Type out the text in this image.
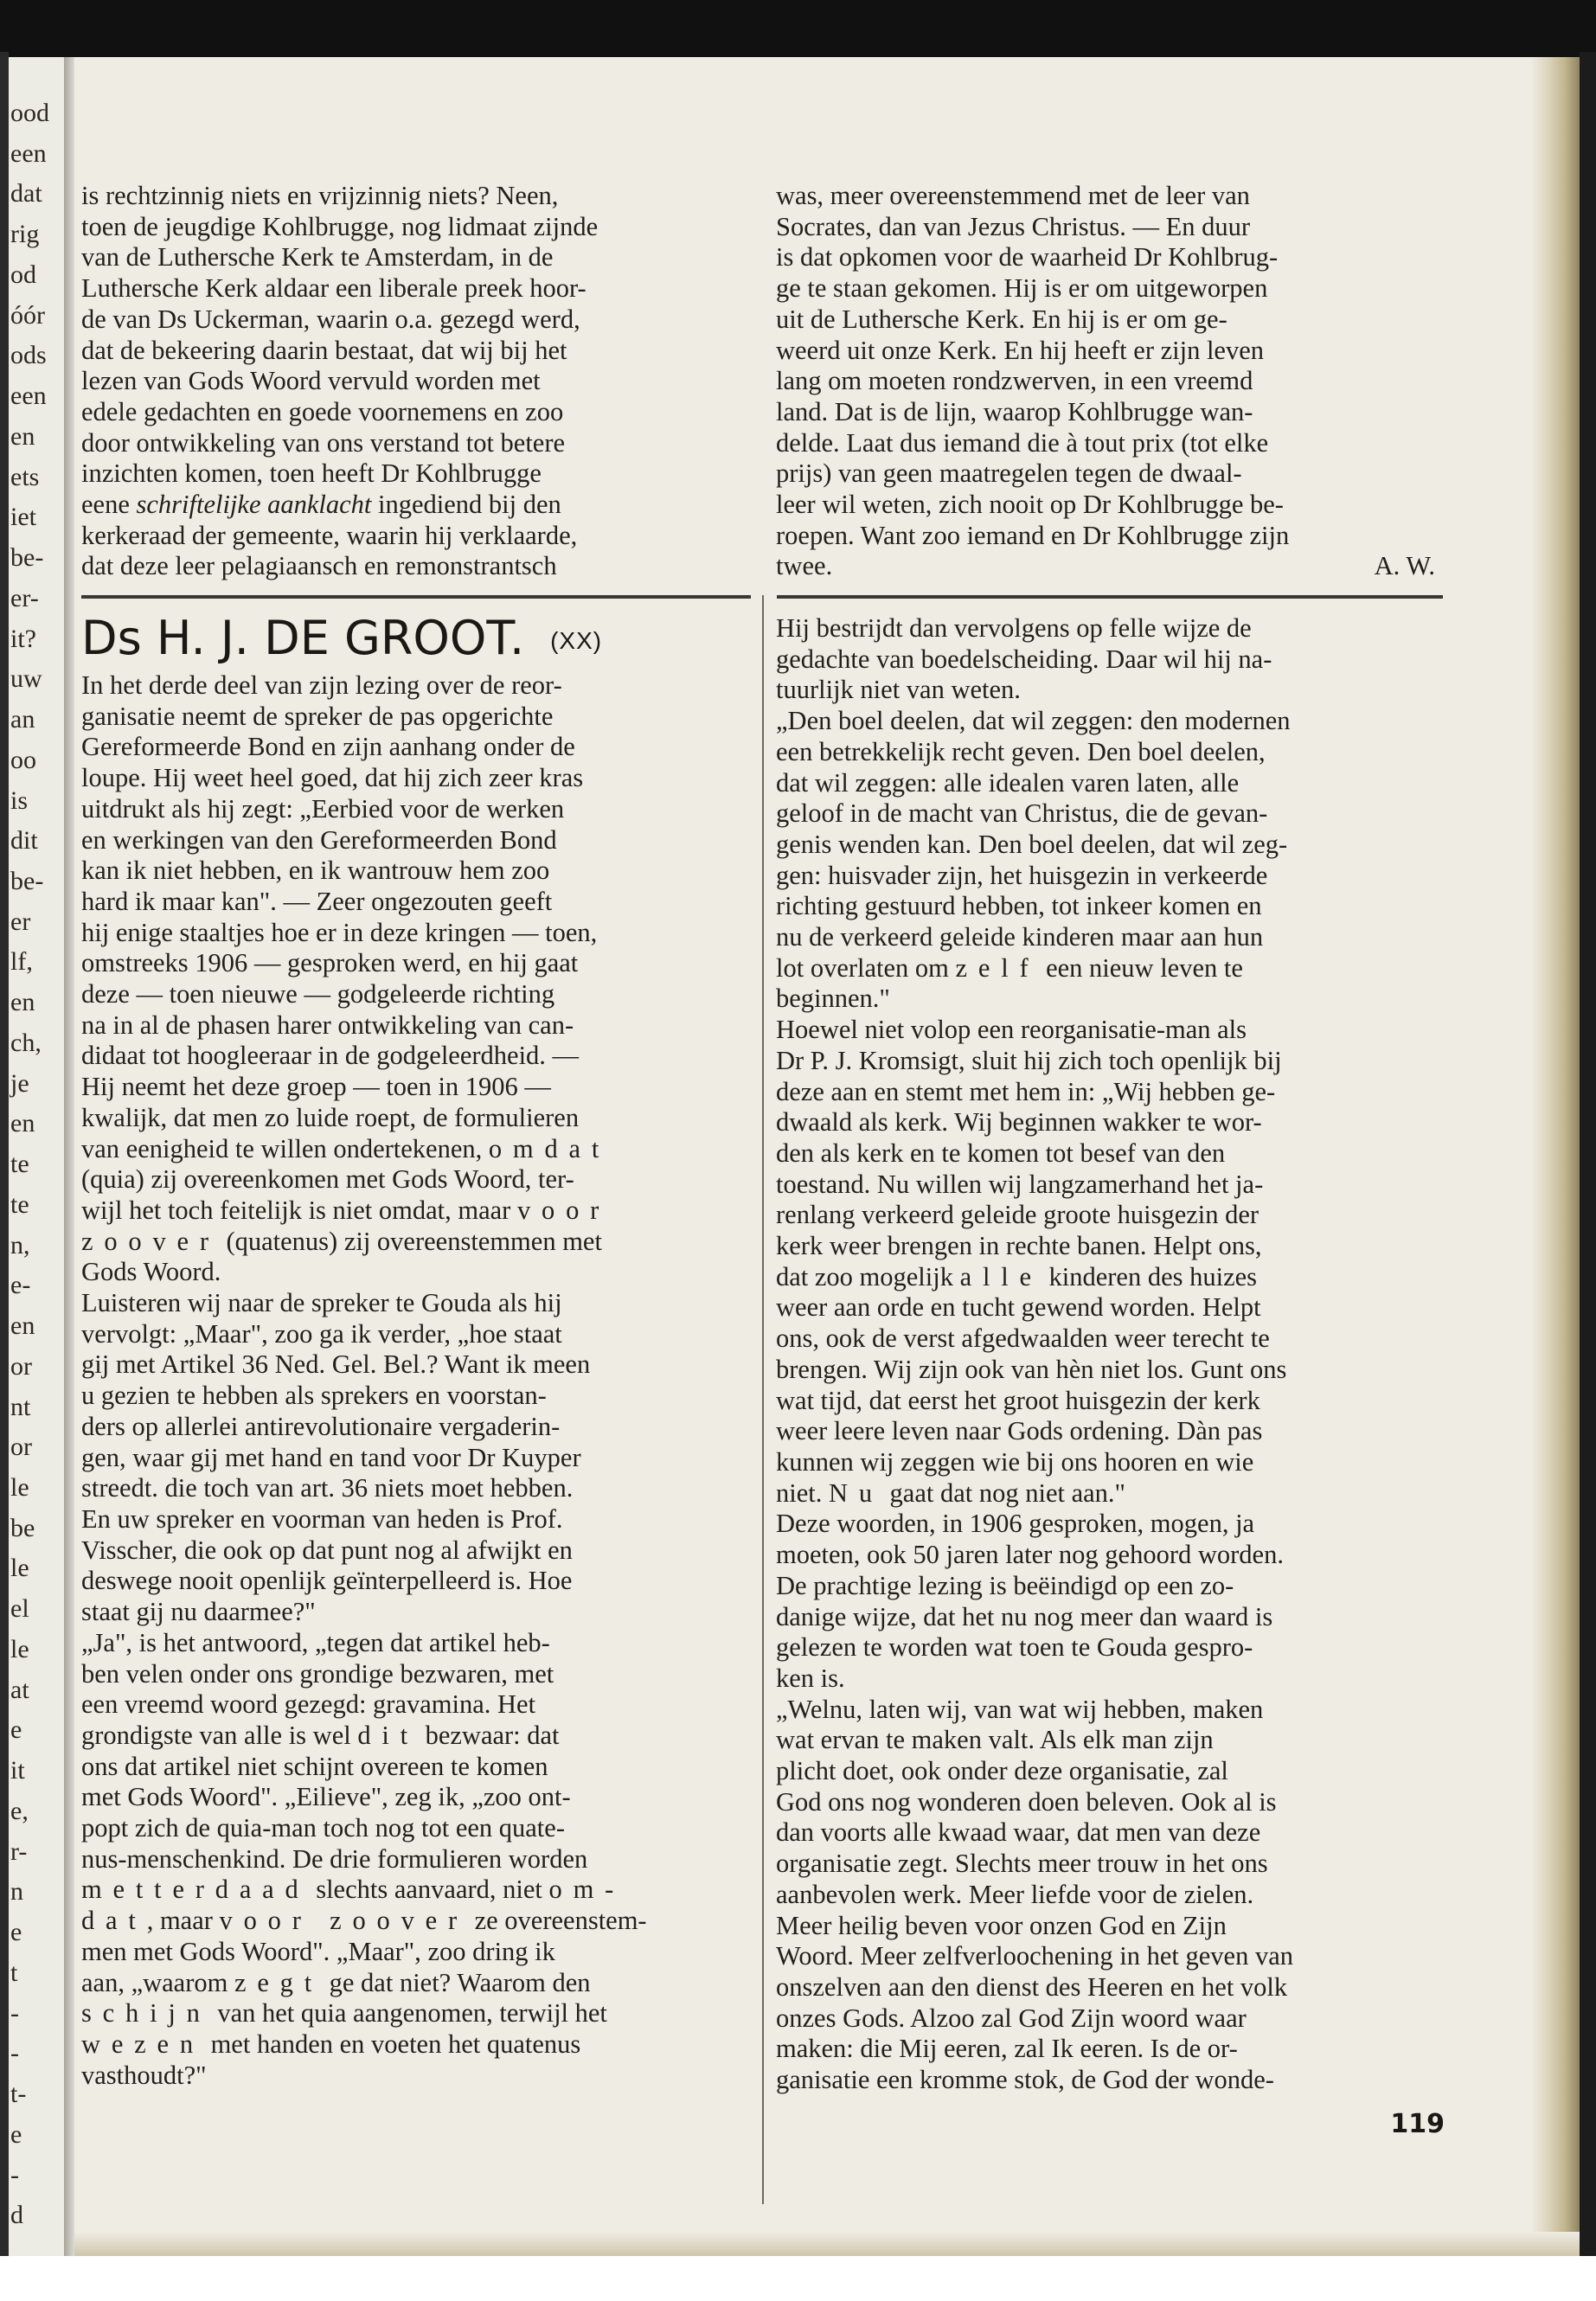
ood
een
dat
rig
od
óór
ods
een
en
ets
iet
be-
er-
it?
uw
an
oo
is
dit
be-
er
lf,
en
ch,
je
en
te
te
n,
e-
en
or
nt
or
le
be
le
el
le
at
e
it
e,
r-
n
e
t
-
-
t-
e
-
d

is rechtzinnig niets en vrijzinnig niets? Neen,

toen de jeugdige Kohlbrugge, nog lidmaat zijnde

van de Luthersche Kerk te Amsterdam, in de

Luthersche Kerk aldaar een liberale preek hoor-

de van Ds Uckerman, waarin o.a. gezegd werd,

dat de bekeering daarin bestaat, dat wij bij het

lezen van Gods Woord vervuld worden met

edele gedachten en goede voornemens en zoo

door ontwikkeling van ons verstand tot betere

inzichten komen, toen heeft Dr Kohlbrugge

eene schriftelijke aanklacht ingediend bij den

kerkeraad der gemeente, waarin hij verklaarde,

dat deze leer pelagiaansch en remonstrantsch

was, meer overeenstemmend met de leer van

Socrates, dan van Jezus Christus. — En duur

is dat opkomen voor de waarheid Dr Kohlbrug-

ge te staan gekomen. Hij is er om uitgeworpen

uit de Luthersche Kerk. En hij is er om ge-

weerd uit onze Kerk. En hij heeft er zijn leven

lang om moeten rondzwerven, in een vreemd

land. Dat is de lijn, waarop Kohlbrugge wan-

delde. Laat dus iemand die à tout prix (tot elke

prijs) van geen maatregelen tegen de dwaal-

leer wil weten, zich nooit op Dr Kohlbrugge be-

roepen. Want zoo iemand en Dr Kohlbrugge zijn

twee.	A. W.

Ds H. J. DE GROOT. (XX)

In het derde deel van zijn lezing over de reor-

ganisatie neemt de spreker de pas opgerichte

Gereformeerde Bond en zijn aanhang onder de

loupe. Hij weet heel goed, dat hij zich zeer kras

uitdrukt als hij zegt: „Eerbied voor de werken

en werkingen van den Gereformeerden Bond

kan ik niet hebben, en ik wantrouw hem zoo

hard ik maar kan". — Zeer ongezouten geeft

hij enige staaltjes hoe er in deze kringen — toen,

omstreeks 1906 — gesproken werd, en hij gaat

deze — toen nieuwe — godgeleerde richting

na in al de phasen harer ontwikkeling van can-

didaat tot hoogleeraar in de godgeleerdheid. —

Hij neemt het deze groep — toen in 1906 —

kwalijk, dat men zo luide roept, de formulieren

van eenigheid te willen ondertekenen, omdat

(quia) zij overeenkomen met Gods Woord, ter-

wijl het toch feitelijk is niet omdat, maar voor

zoover (quatenus) zij overeenstemmen met

Gods Woord.

Luisteren wij naar de spreker te Gouda als hij

vervolgt: „Maar", zoo ga ik verder, „hoe staat

gij met Artikel 36 Ned. Gel. Bel.? Want ik meen

u gezien te hebben als sprekers en voorstan-

ders op allerlei antirevolutionaire vergaderin-

gen, waar gij met hand en tand voor Dr Kuyper

streedt. die toch van art. 36 niets moet hebben.

En uw spreker en voorman van heden is Prof.

Visscher, die ook op dat punt nog al afwijkt en

deswege nooit openlijk geïnterpelleerd is. Hoe

staat gij nu daarmee?"

„Ja", is het antwoord, „tegen dat artikel heb-

ben velen onder ons grondige bezwaren, met

een vreemd woord gezegd: gravamina. Het

grondigste van alle is wel dit bezwaar: dat

ons dat artikel niet schijnt overeen te komen

met Gods Woord". „Eilieve", zeg ik, „zoo ont-

popt zich de quia-man toch nog tot een quate-

nus-menschenkind. De drie formulieren worden

metterdaad slechts aanvaard, niet om-

dat, maar voor zoover ze overeenstem-

men met Gods Woord". „Maar", zoo dring ik

aan, „waarom zegt ge dat niet? Waarom den

schijn van het quia aangenomen, terwijl het

wezen met handen en voeten het quatenus

vasthoudt?"

Hij bestrijdt dan vervolgens op felle wijze de

gedachte van boedelscheiding. Daar wil hij na-

tuurlijk niet van weten.

„Den boel deelen, dat wil zeggen: den modernen

een betrekkelijk recht geven. Den boel deelen,

dat wil zeggen: alle idealen varen laten, alle

geloof in de macht van Christus, die de gevan-

genis wenden kan. Den boel deelen, dat wil zeg-

gen: huisvader zijn, het huisgezin in verkeerde

richting gestuurd hebben, tot inkeer komen en

nu de verkeerd geleide kinderen maar aan hun

lot overlaten om zelf een nieuw leven te

beginnen."

Hoewel niet volop een reorganisatie-man als

Dr P. J. Kromsigt, sluit hij zich toch openlijk bij

deze aan en stemt met hem in: „Wij hebben ge-

dwaald als kerk. Wij beginnen wakker te wor-

den als kerk en te komen tot besef van den

toestand. Nu willen wij langzamerhand het ja-

renlang verkeerd geleide groote huisgezin der

kerk weer brengen in rechte banen. Helpt ons,

dat zoo mogelijk alle kinderen des huizes

weer aan orde en tucht gewend worden. Helpt

ons, ook de verst afgedwaalden weer terecht te

brengen. Wij zijn ook van hèn niet los. Gunt ons

wat tijd, dat eerst het groot huisgezin der kerk

weer leere leven naar Gods ordening. Dàn pas

kunnen wij zeggen wie bij ons hooren en wie

niet. Nu gaat dat nog niet aan."

Deze woorden, in 1906 gesproken, mogen, ja

moeten, ook 50 jaren later nog gehoord worden.

De prachtige lezing is beëindigd op een zo-

danige wijze, dat het nu nog meer dan waard is

gelezen te worden wat toen te Gouda gespro-

ken is.

„Welnu, laten wij, van wat wij hebben, maken

wat ervan te maken valt. Als elk man zijn

plicht doet, ook onder deze organisatie, zal

God ons nog wonderen doen beleven. Ook al is

dan voorts alle kwaad waar, dat men van deze

organisatie zegt. Slechts meer trouw in het ons

aanbevolen werk. Meer liefde voor de zielen.

Meer heilig beven voor onzen God en Zijn

Woord. Meer zelfverloochening in het geven van

onszelven aan den dienst des Heeren en het volk

onzes Gods. Alzoo zal God Zijn woord waar

maken: die Mij eeren, zal Ik eeren. Is de or-

ganisatie een kromme stok, de God der wonde-

119
